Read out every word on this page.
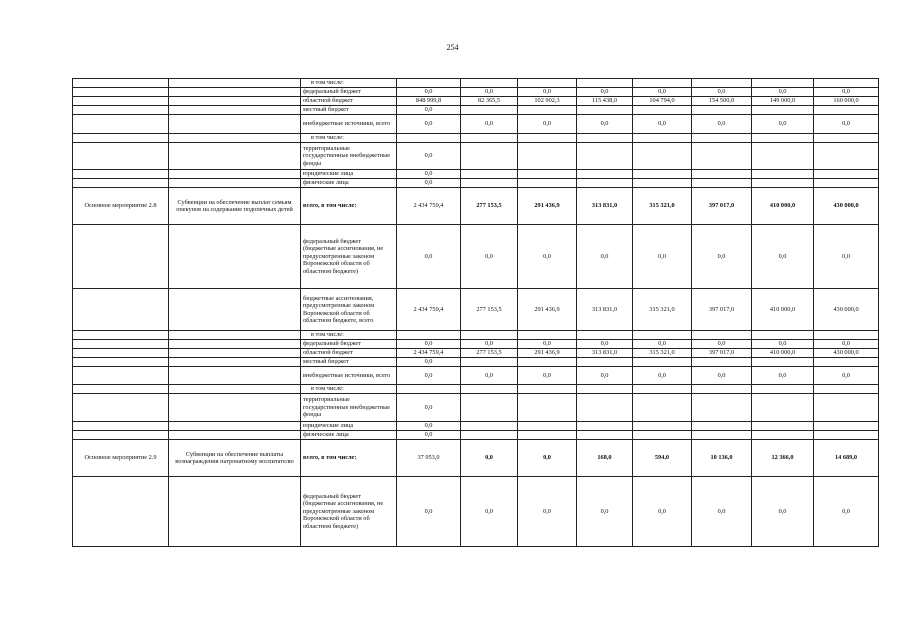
254
		в том числе:								
		федеральный бюджет	0,0	0,0	0,0	0,0	0,0	0,0	0,0	0,0
		областной бюджет	848 999,8	82 365,5	102 902,3	115 438,0	104 794,0	154 500,0	149 000,0	160 000,0
		местный бюджет	0,0							
		внебюджетные источники, всего	0,0	0,0	0,0	0,0	0,0	0,0	0,0	0,0
		в том числе:								
		территориальные государственные внебюджетные фонды	0,0							
		юридические лица	0,0							
		физические лица	0,0							
Основное мероприятие 2.8	Субвенции на обеспечение выплат семьям опекунов на содержание подопечных детей	всего, в том числе:	2 434 759,4	277 153,5	291 436,9	313 831,0	315 321,0	397 017,0	410 000,0	430 000,0
		федеральный бюджет (бюджетные ассигнования, не предусмотренные законом Воронежской области об областном бюджете)	0,0	0,0	0,0	0,0	0,0	0,0	0,0	0,0
		бюджетные ассигнования, предусмотренные законом Воронежской области об областном бюджете, всего	2 434 759,4	277 153,5	291 436,9	313 831,0	315 321,0	397 017,0	410 000,0	430 000,0
		в том числе:								
		федеральный бюджет	0,0	0,0	0,0	0,0	0,0	0,0	0,0	0,0
		областной бюджет	2 434 759,4	277 153,5	291 436,9	313 831,0	315 321,0	397 017,0	410 000,0	430 000,0
		местный бюджет	0,0							
		внебюджетные источники, всего	0,0	0,0	0,0	0,0	0,0	0,0	0,0	0,0
		в том числе:								
		территориальные государственные внебюджетные фонды	0,0							
		юридические лица	0,0							
		физические лица	0,0							
Основное мероприятие 2.9	Субвенции на обеспечение выплаты вознаграждения патронатному воспитателю	всего, в том числе:	37 953,0	0,0	0,0	168,0	594,0	10 136,0	12 366,0	14 689,0
		федеральный бюджет (бюджетные ассигнования, не предусмотренные законом Воронежской области об областном бюджете)	0,0	0,0	0,0	0,0	0,0	0,0	0,0	0,0
